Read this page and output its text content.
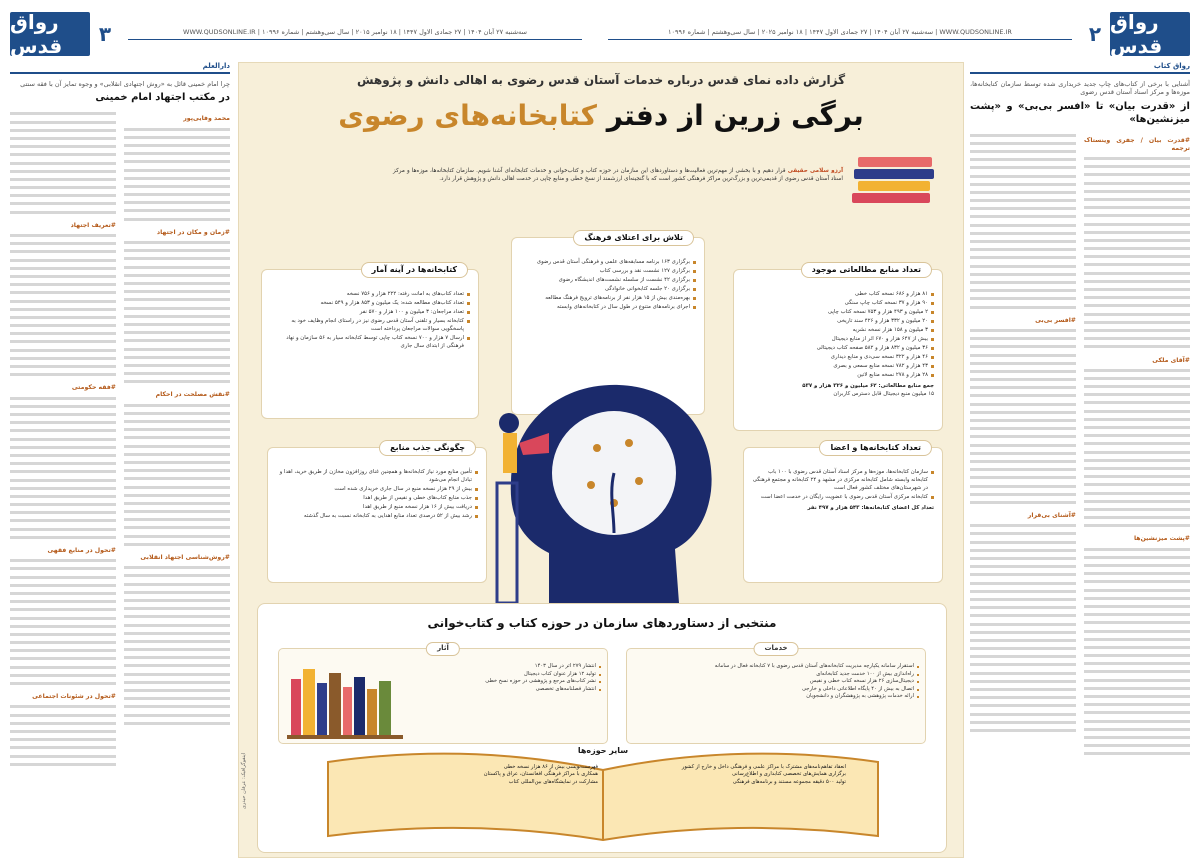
سه‌شنبه ۲۷ آبان ۱۴۰۴ | ۲۷ جمادی الاول ۱۴۴۷ | ۱۸ نوامبر ۲۰۲۵ | سال سی‌وهشتم | شماره ۱۰۹۹۶ | WWW.QUDSONLINE.IR	۲ رواق قدس
رواق قدس	۳	WWW.QUDSONLINE.IR | سه‌شنبه ۲۷ آبان ۱۴۰۴ | ۲۷ جمادی الاول ۱۴۴۷ | ۱۸ نوامبر ۲۰۱۵ | سال سی‌وهشتم | شماره ۱۰۹۹۶
رواق کتاب
آشنایی با برخی از کتاب‌های چاپ جدید خریداری شده توسط سازمان کتابخانه‌ها، موزه‌ها و مرکز اسناد آستان قدس رضوی
از «قدرت بیان» تا «افسر بی‌بی» و «پشت میزنشین‌ها»
#قدرت بیان / جفری وینستاک ترجمه
#آقای ملکی
#پشت میزنشین‌ها
#افسر بی‌بی
#آشنای بی‌قرار
دارالعلم
چرا امام خمینی قائل به «روش اجتهادی انقلابی» و وجوه تمایز آن با فقه سنتی
در مکتب اجتهاد امام خمینی
محمد وفایی‌پور
#زمان و مکان در اجتهاد
#نقش مصلحت در احکام
#روش‌شناسی اجتهاد انقلابی
#تعریف اجتهاد
#فقه حکومتی
#تحول در منابع فقهی
#تحول در شئونات اجتماعی
گزارش داده نمای قدس درباره خدمات آستان قدس رضوی به اهالی دانش و پژوهش
برگی زرین از دفتر کتابخانه‌های رضوی
آرزو سلامی حقیقی قرار دهیم و با بخشی از مهم‌ترین فعالیت‌ها و دستاوردهای این سازمان در حوزه کتاب و کتاب‌خوانی و خدمات کتابخانه‌ای آشنا شویم. سازمان کتابخانه‌ها، موزه‌ها و مرکز اسناد آستان قدس رضوی از قدیمی‌ترین و بزرگ‌ترین مراکز فرهنگی کشور است که با گنجینه‌ای ارزشمند از نسخ خطی و منابع چاپی در خدمت اهالی دانش و پژوهش قرار دارد.
تلاش برای اعتلای فرهنگ
برگزاری ۱۶۳ برنامه مسابقه‌های علمی و فرهنگی آستان قدس رضوی
برگزاری ۱۲۷ نشست نقد و بررسی کتاب
برگزاری ۴۲ نشست از سلسله نشست‌های اندیشگاه رضوی
برگزاری ۲۰ جلسه کتابخوانی خانوادگی
بهره‌مندی بیش از ۱۵ هزار نفر از برنامه‌های ترویج فرهنگ مطالعه
اجرای برنامه‌های متنوع در طول سال در کتابخانه‌های وابسته
کتابخانه‌ها در آینه آمار
تعداد کتاب‌های به امانت رفته: ۲۲۲ هزار و ۷۵۶ نسخه
تعداد کتاب‌های مطالعه شده: یک میلیون و ۸۵۳ هزار و ۵۴۹ نسخه
تعداد مراجعان: ۳ میلیون و ۱۰۰ هزار و ۵۷۰ نفر
کتابخانه بسیار و تلفنی آستان قدس رضوی نیز در راستای انجام وظایف خود به پاسخگویی سوالات مراجعان پرداخته است
ارسال ۷ هزار و ۷۰۰ نسخه کتاب چاپی توسط کتابخانه سیار به ۵۶ سازمان و نهاد فرهنگی از ابتدای سال جاری
تعداد منابع مطالعاتی موجود
۸۱ هزار و ۶۸۶ نسخه کتاب خطی
۹۰ هزار و ۳۷ نسخه کتاب چاپ سنگی
۲ میلیون و ۴۹۳ هزار و ۷۵۳ نسخه کتاب چاپی
۲۰ میلیون و ۳۳۲ هزار و ۴۲۶ سند تاریخی
۳ میلیون و ۱۵۸ هزار نسخه نشریه
بیش از ۶۴۷ هزار و ۶۷۰ اثر از منابع دیجیتال
۳۶ میلیون و ۸۳۲ هزار و ۵۸۲ صفحه کتاب دیجیتالی
۴۶ هزار و ۳۲۲ نسخه سی‌دی و منابع دیداری
۴۳ هزار و ۷۸۲ نسخه منابع سمعی و بصری
۲۸ هزار و ۲۷۸ نسخه منابع لاتین
جمع منابع مطالعاتی: ۶۲ میلیون و ۳۲۶ هزار و ۵۳۷
۱۵ میلیون منبع دیجیتال قابل دسترس کاربران
چگونگی جذب منابع
تأمین منابع مورد نیاز کتابخانه‌ها و همچنین غنای روزافزون مخازن از طریق خرید، اهدا و تبادل انجام می‌شود
بیش از ۲۹ هزار نسخه منبع در سال جاری خریداری شده است
جذب منابع کتاب‌های خطی و نفیس از طریق اهدا
دریافت بیش از ۱۶ هزار نسخه منبع از طریق اهدا
رشد بیش از ۵۲ درصدی تعداد منابع اهدایی به کتابخانه نسبت به سال گذشته
تعداد کتابخانه‌ها و اعضا
سازمان کتابخانه‌ها، موزه‌ها و مرکز اسناد آستان قدس رضوی با ۱۰۰ باب کتابخانه وابسته شامل کتابخانه مرکزی در مشهد و ۲۴ کتابخانه و مجتمع فرهنگی در شهرستان‌های مختلف کشور فعال است
کتابخانه مرکزی آستان قدس رضوی با عضویت رایگان در خدمت اعضا است
تعداد کل اعضای کتابخانه‌ها: ۵۴۳ هزار و ۴۹۷ نفر
منتخبی از دستاوردهای سازمان در حوزه کتاب و کتاب‌خوانی
خدمات
استقرار سامانه یکپارچه مدیریت کتابخانه‌های آستان قدس رضوی با ۷ کتابخانه فعال در سامانه
راه‌اندازی بیش از ۱۰۰ خدمت جدید کتابخانه‌ای
دیجیتال‌سازی ۲۶ هزار نسخه کتاب خطی و نفیس
اتصال به بیش از ۴۰ پایگاه اطلاعاتی داخلی و خارجی
ارائه خدمات پژوهشی به پژوهشگران و دانشجویان
آثار
انتشار ۲۷۹ اثر در سال ۱۴۰۳
تولید ۱۲ هزار عنوان کتاب دیجیتال
نشر کتاب‌های مرجع و پژوهشی در حوزه نسخ خطی
انتشار فصلنامه‌های تخصصی
سایر حوزه‌ها
انعقاد تفاهم‌نامه‌های مشترک با مراکز علمی و فرهنگی داخل و خارج از کشور
برگزاری همایش‌های تخصصی کتابداری و اطلاع‌رسانی
تولید ۵۰۰ دقیقه مجموعه مستند و برنامه‌های فرهنگی
فهرست‌نویسی بیش از ۸۶ هزار نسخه خطی
همکاری با مراکز فرهنگی افغانستان، عراق و پاکستان
مشارکت در نمایشگاه‌های بین‌المللی کتاب
اینفوگرافیک: عرفان حیدری
